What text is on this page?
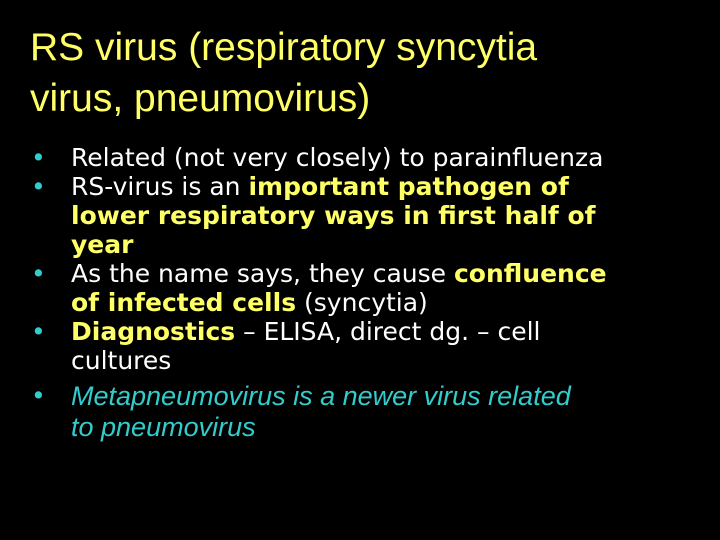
RS virus (respiratory syncytia
virus, pneumovirus)
• Related (not very closely) to parainfluenza
• RS-virus is an important pathogen of
lower respiratory ways in first half of
year
• As the name says, they cause confluence
of infected cells (syncytia)
• Diagnostics – ELISA, direct dg. – cell
cultures
• Metapneumovirus is a newer virus related
to pneumovirus
